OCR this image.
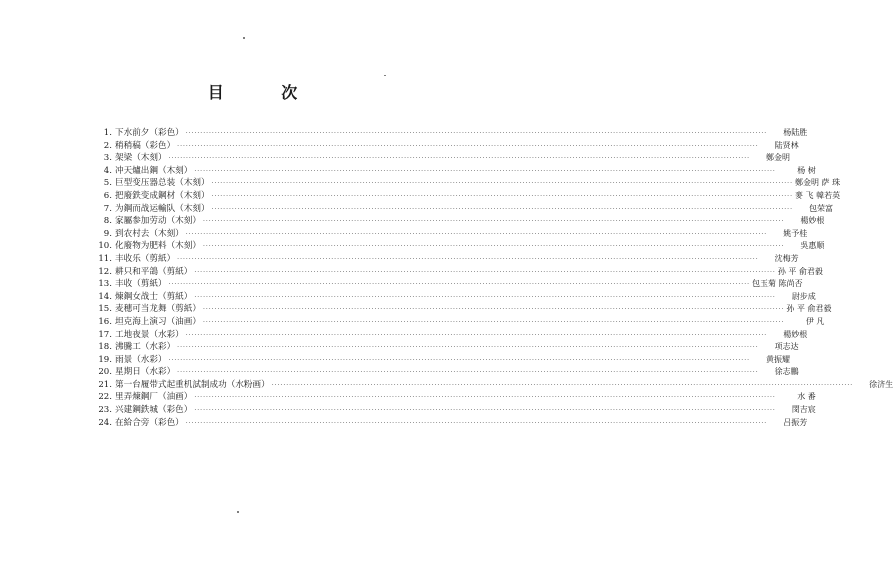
目 次
1. 下水前夕（彩色） ········································································································································································································	杨陆胜
2. 稍稍稿（彩色） ········································································································································································································	陆贤林
3. 架梁（木刻） ········································································································································································································	鄭金明
4. 冲天爐出鋼（木刻） ········································································································································································································	杨 树
5. 巨型变压器总装（木刻） ········································································································································································································ 鄭金明 萨 珠
6. 把廢鉄变成鋼材（木刻） ········································································································································································································ 麥 飞 韓若英
7. 为鋼而战运輸队（木刻） ········································································································································································································	包荣富
8. 家屬参加劳动（木刻） ········································································································································································································	楊妙根
9. 到农村去（木刻） ········································································································································································································	姚予桂
10. 化廢物为肥料（木刻） ········································································································································································································	吳惠顺
11. 丰收乐（剪紙） ········································································································································································································	沈梅芳
12. 耕只和平鴿（剪紙） ········································································································································································································ 孙 平 俞君毅
13. 丰收（剪紙） ········································································································································································································ 包玉菊 陈尚否
14. 煉鋼女战士（剪紙） ········································································································································································································	尉步成
15. 麦穗可当龙舞（剪紙） ········································································································································································································ 孙 平 俞君毅
16. 坦克海上演习（油画） ········································································································································································································	伊 凡
17. 工地夜景（水彩） ········································································································································································································	楊妙根
18. 沸騰工（水彩） ········································································································································································································	项志达
19. 雨景（水彩） ········································································································································································································	黄振耀
20. 星期日（水彩） ········································································································································································································	徐志鵬
21. 第一台履带式起重机試制成功（水粉画） ········································································································································································································	徐济生
22. 里弄煉鋼厂（油画） ········································································································································································································	水 番
23. 兴建鋼鉄城（彩色） ········································································································································································································	閔吉宸
24. 在給合旁（彩色） ········································································································································································································	吕振芳
